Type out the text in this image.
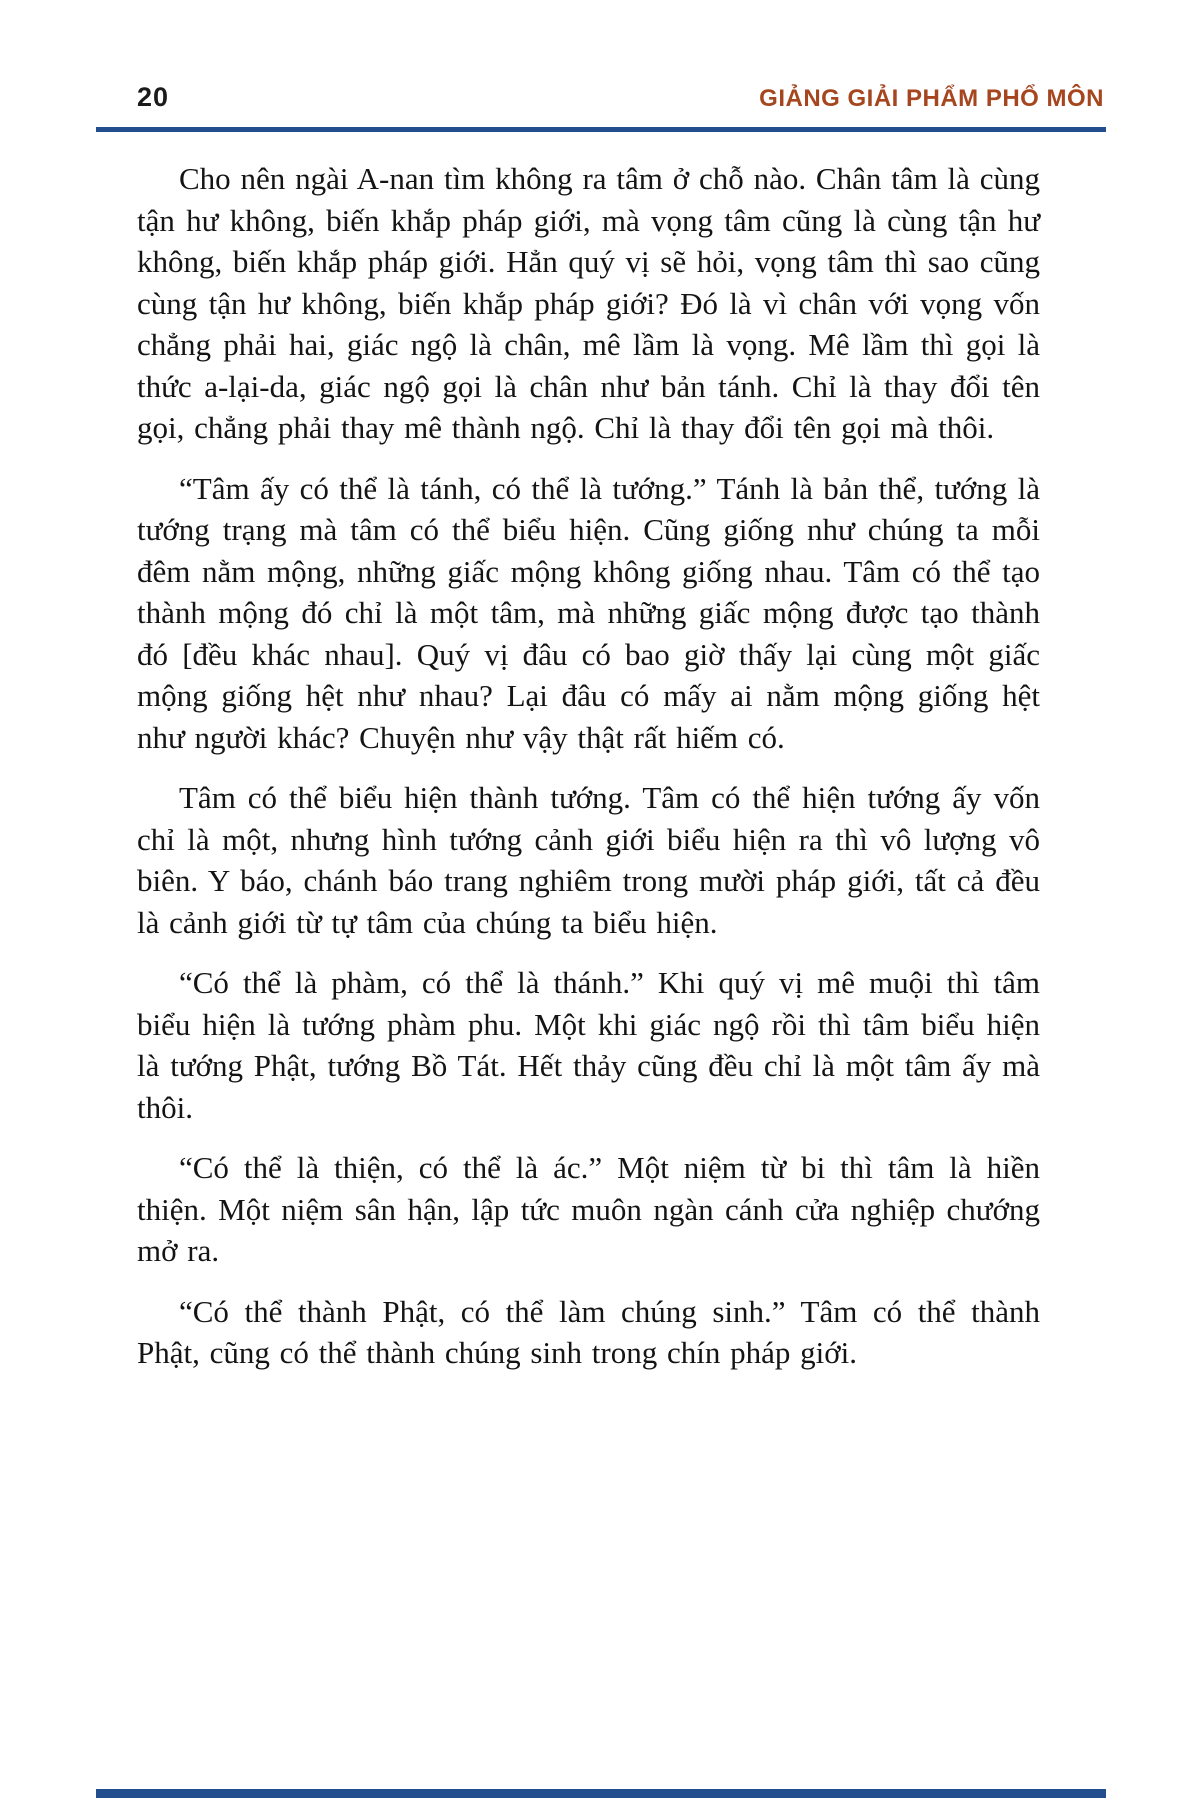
20	GIẢNG GIẢI PHẨM PHỔ MÔN

Cho nên ngài A-nan tìm không ra tâm ở chỗ nào. Chân tâm là cùng tận hư không, biến khắp pháp giới, mà vọng tâm cũng là cùng tận hư không, biến khắp pháp giới. Hẳn quý vị sẽ hỏi, vọng tâm thì sao cũng cùng tận hư không, biến khắp pháp giới? Đó là vì chân với vọng vốn chẳng phải hai, giác ngộ là chân, mê lầm là vọng. Mê lầm thì gọi là thức a-lại-da, giác ngộ gọi là chân như bản tánh. Chỉ là thay đổi tên gọi, chẳng phải thay mê thành ngộ. Chỉ là thay đổi tên gọi mà thôi.

“Tâm ấy có thể là tánh, có thể là tướng.” Tánh là bản thể, tướng là tướng trạng mà tâm có thể biểu hiện. Cũng giống như chúng ta mỗi đêm nằm mộng, những giấc mộng không giống nhau. Tâm có thể tạo thành mộng đó chỉ là một tâm, mà những giấc mộng được tạo thành đó [đều khác nhau]. Quý vị đâu có bao giờ thấy lại cùng một giấc mộng giống hệt như nhau? Lại đâu có mấy ai nằm mộng giống hệt như người khác? Chuyện như vậy thật rất hiếm có.

Tâm có thể biểu hiện thành tướng. Tâm có thể hiện tướng ấy vốn chỉ là một, nhưng hình tướng cảnh giới biểu hiện ra thì vô lượng vô biên. Y báo, chánh báo trang nghiêm trong mười pháp giới, tất cả đều là cảnh giới từ tự tâm của chúng ta biểu hiện.

“Có thể là phàm, có thể là thánh.” Khi quý vị mê muội thì tâm biểu hiện là tướng phàm phu. Một khi giác ngộ rồi thì tâm biểu hiện là tướng Phật, tướng Bồ Tát. Hết thảy cũng đều chỉ là một tâm ấy mà thôi.

“Có thể là thiện, có thể là ác.” Một niệm từ bi thì tâm là hiền thiện. Một niệm sân hận, lập tức muôn ngàn cánh cửa nghiệp chướng mở ra.

“Có thể thành Phật, có thể làm chúng sinh.” Tâm có thể thành Phật, cũng có thể thành chúng sinh trong chín pháp giới.
